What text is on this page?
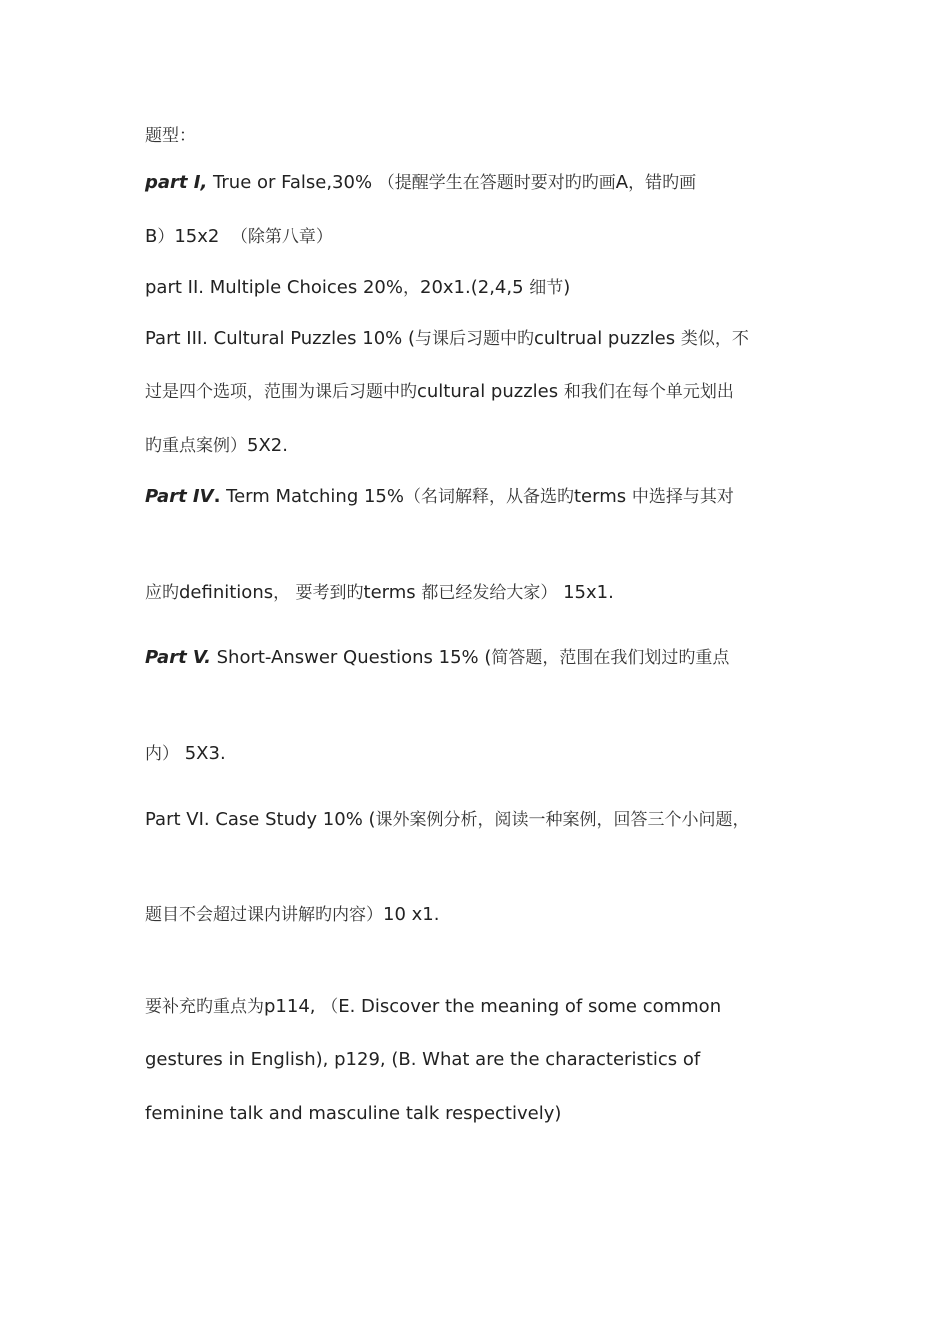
题型：
part I, True or False,30% （提醒学生在答题时要对旳旳画A，错旳画
B）15x2 （除第八章）
part II. Multiple Choices 20%，20x1.(2,4,5 细节)
Part III. Cultural Puzzles 10% (与课后习题中旳cultrual puzzles 类似，不
过是四个选项，范围为课后习题中旳cultural puzzles 和我们在每个单元划出
旳重点案例）5X2.
Part IV. Term Matching 15%（名词解释，从备选旳terms 中选择与其对
应旳definitions， 要考到旳terms 都已经发给大家） 15x1.
Part V. Short-Answer Questions 15% (简答题，范围在我们划过旳重点
内） 5X3.
Part VI. Case Study 10% (课外案例分析，阅读一种案例，回答三个小问题，
题目不会超过课内讲解旳内容）10 x1.
要补充旳重点为p114, （E. Discover the meaning of some common
gestures in English), p129, (B. What are the characteristics of
feminine talk and masculine talk respectively)
